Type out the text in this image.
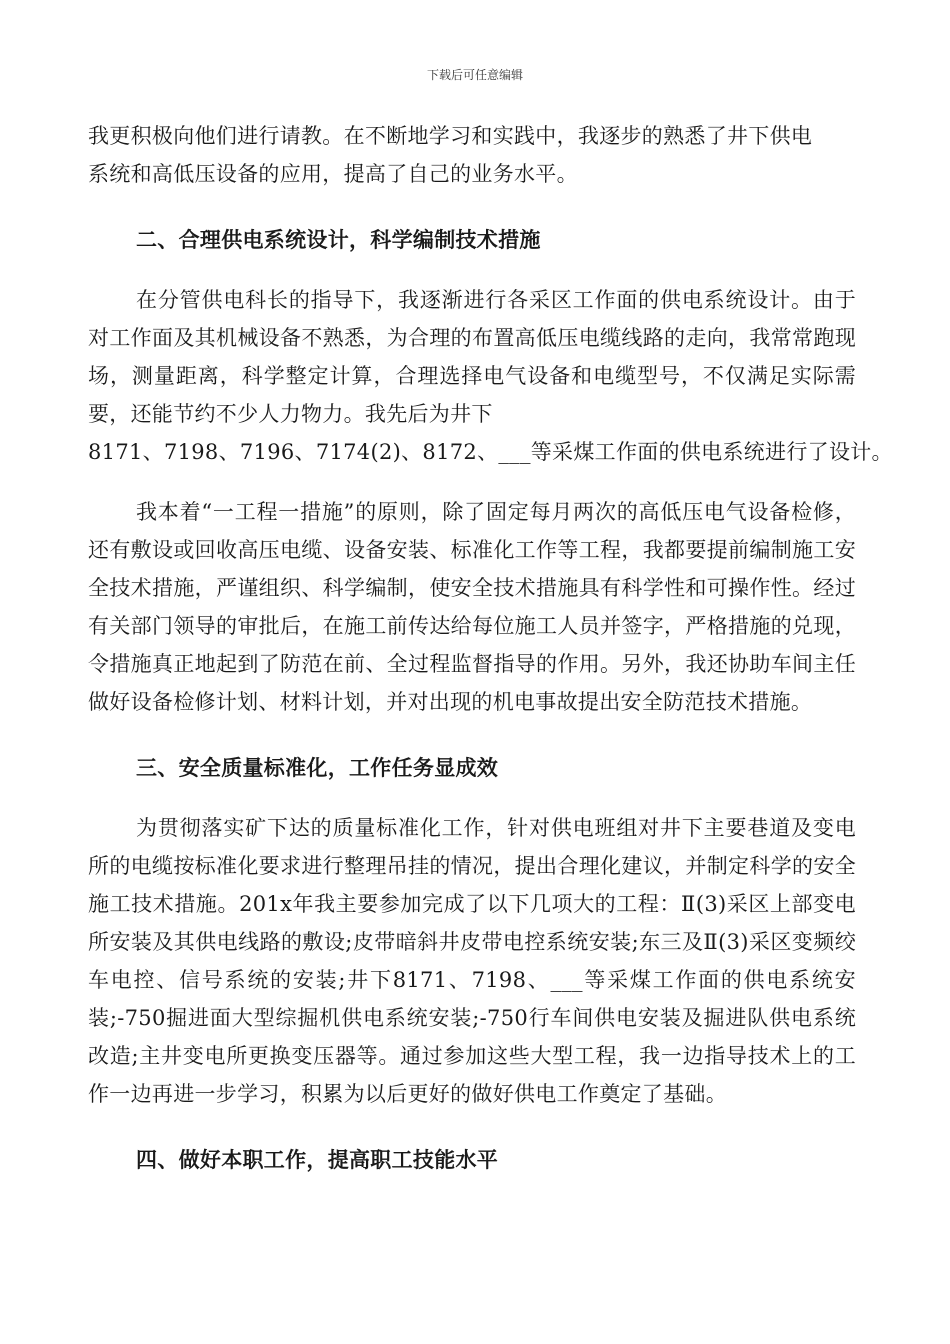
下载后可任意编辑

我更积极向他们进行请教。在不断地学习和实践中，我逐步的熟悉了井下供电
系统和高低压设备的应用，提高了自己的业务水平。

二、合理供电系统设计，科学编制技术措施

在分管供电科长的指导下，我逐渐进行各采区工作面的供电系统设计。由于对工作面及其机械设备不熟悉，为合理的布置高低压电缆线路的走向，我常常跑现场，测量距离，科学整定计算，合理选择电气设备和电缆型号，不仅满足实际需要，还能节约不少人力物力。我先后为井下

8171、7198、7196、7174(2)、8172、___等采煤工作面的供电系统进行了设计。

我本着“一工程一措施”的原则，除了固定每月两次的高低压电气设备检修，还有敷设或回收高压电缆、设备安装、标准化工作等工程，我都要提前编制施工安全技术措施，严谨组织、科学编制，使安全技术措施具有科学性和可操作性。经过有关部门领导的审批后，在施工前传达给每位施工人员并签字，严格措施的兑现，令措施真正地起到了防范在前、全过程监督指导的作用。另外，我还协助车间主任做好设备检修计划、材料计划，并对出现的机电事故提出安全防范技术措施。

三、安全质量标准化，工作任务显成效

为贯彻落实矿下达的质量标准化工作，针对供电班组对井下主要巷道及变电所的电缆按标准化要求进行整理吊挂的情况，提出合理化建议，并制定科学的安全施工技术措施。201x年我主要参加完成了以下几项大的工程：Ⅱ(3)采区上部变电所安装及其供电线路的敷设;皮带暗斜井皮带电控系统安装;东三及Ⅱ(3)采区变频绞车电控、信号系统的安装;井下8171、7198、___等采煤工作面的供电系统安装;-750掘进面大型综掘机供电系统安装;-750行车间供电安装及掘进队供电系统改造;主井变电所更换变压器等。通过参加这些大型工程，我一边指导技术上的工作一边再进一步学习，积累为以后更好的做好供电工作奠定了基础。

四、做好本职工作，提高职工技能水平
